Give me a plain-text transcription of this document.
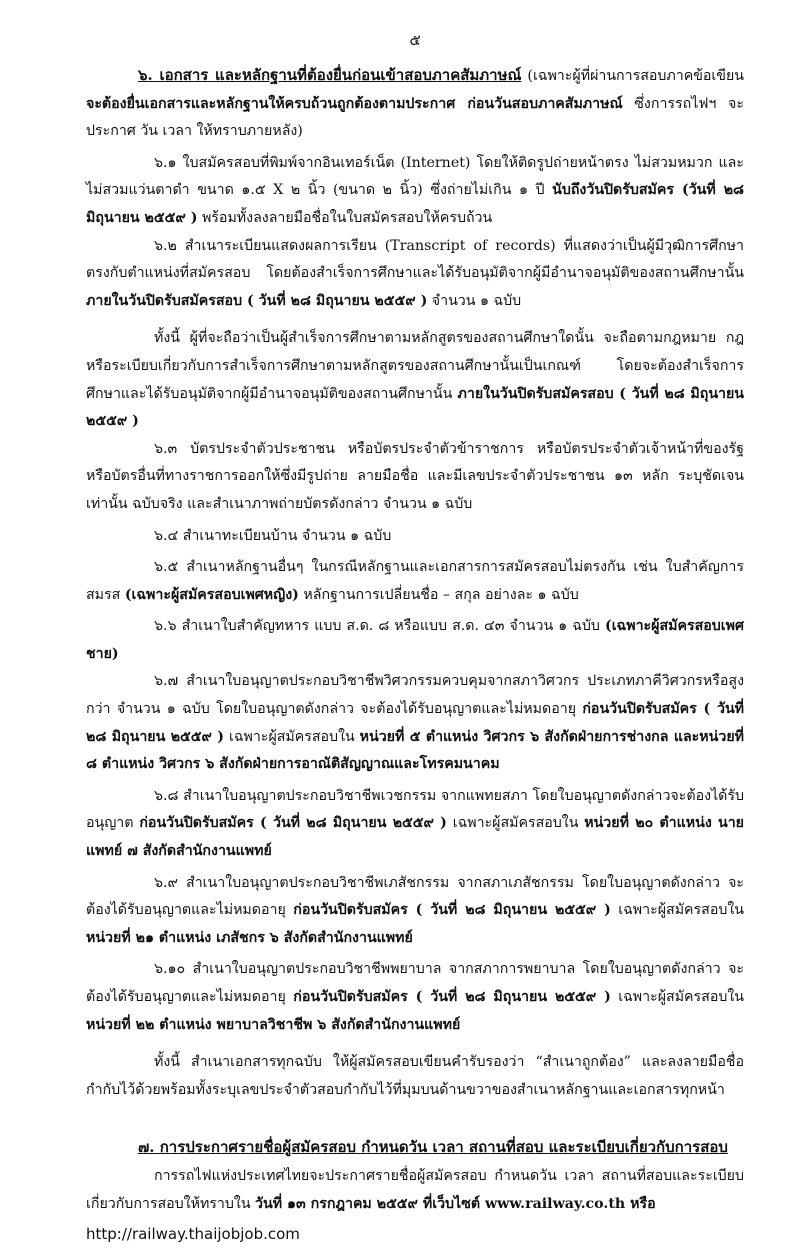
๕

๖. เอกสาร และหลักฐานที่ต้องยื่นก่อนเข้าสอบภาคสัมภาษณ์ (เฉพาะผู้ที่ผ่านการสอบภาคข้อเขียน จะต้องยื่นเอกสารและหลักฐานให้ครบถ้วนถูกต้องตามประกาศ ก่อนวันสอบภาคสัมภาษณ์ ซึ่งการรถไฟฯ จะประกาศ วัน เวลา ให้ทราบภายหลัง)

๖.๑ ใบสมัครสอบที่พิมพ์จากอินเทอร์เน็ต (Internet) โดยให้ติดรูปถ่ายหน้าตรง ไม่สวมหมวก และไม่สวมแว่นตาดำ ขนาด ๑.๕ X ๒ นิ้ว (ขนาด ๒ นิ้ว) ซึ่งถ่ายไม่เกิน ๑ ปี นับถึงวันปิดรับสมัคร (วันที่ ๒๘ มิถุนายน ๒๕๕๙ ) พร้อมทั้งลงลายมือชื่อในใบสมัครสอบให้ครบถ้วน

๖.๒ สำเนาระเบียนแสดงผลการเรียน (Transcript of records) ที่แสดงว่าเป็นผู้มีวุฒิการศึกษาตรงกับตำแหน่งที่สมัครสอบ โดยต้องสำเร็จการศึกษาและได้รับอนุมัติจากผู้มีอำนาจอนุมัติของสถานศึกษานั้น ภายในวันปิดรับสมัครสอบ ( วันที่ ๒๘ มิถุนายน ๒๕๕๙ ) จำนวน ๑ ฉบับ

ทั้งนี้ ผู้ที่จะถือว่าเป็นผู้สำเร็จการศึกษาตามหลักสูตรของสถานศึกษาใดนั้น จะถือตามกฎหมาย กฎ หรือระเบียบเกี่ยวกับการสำเร็จการศึกษาตามหลักสูตรของสถานศึกษานั้นเป็นเกณฑ์ โดยจะต้องสำเร็จการศึกษาและได้รับอนุมัติจากผู้มีอำนาจอนุมัติของสถานศึกษานั้น ภายในวันปิดรับสมัครสอบ ( วันที่ ๒๘ มิถุนายน ๒๕๕๙ )

๖.๓ บัตรประจำตัวประชาชน หรือบัตรประจำตัวข้าราชการ หรือบัตรประจำตัวเจ้าหน้าที่ของรัฐ หรือบัตรอื่นที่ทางราชการออกให้ซึ่งมีรูปถ่าย ลายมือชื่อ และมีเลขประจำตัวประชาชน ๑๓ หลัก ระบุชัดเจนเท่านั้น ฉบับจริง และสำเนาภาพถ่ายบัตรดังกล่าว จำนวน ๑ ฉบับ

๖.๔ สำเนาทะเบียนบ้าน จำนวน ๑ ฉบับ

๖.๕ สำเนาหลักฐานอื่นๆ ในกรณีหลักฐานและเอกสารการสมัครสอบไม่ตรงกัน เช่น ใบสำคัญการสมรส (เฉพาะผู้สมัครสอบเพศหญิง) หลักฐานการเปลี่ยนชื่อ – สกุล อย่างละ ๑ ฉบับ

๖.๖ สำเนาใบสำคัญทหาร แบบ ส.ด. ๘ หรือแบบ ส.ด. ๔๓ จำนวน ๑ ฉบับ (เฉพาะผู้สมัครสอบเพศชาย)

๖.๗ สำเนาใบอนุญาตประกอบวิชาชีพวิศวกรรมควบคุมจากสภาวิศวกร ประเภทภาคีวิศวกรหรือสูงกว่า จำนวน ๑ ฉบับ โดยใบอนุญาตดังกล่าว จะต้องได้รับอนุญาตและไม่หมดอายุ ก่อนวันปิดรับสมัคร ( วันที่ ๒๘ มิถุนายน ๒๕๕๙ ) เฉพาะผู้สมัครสอบใน หน่วยที่ ๕ ตำแหน่ง วิศวกร ๖ สังกัดฝ่ายการช่างกล และหน่วยที่ ๘ ตำแหน่ง วิศวกร ๖ สังกัดฝ่ายการอาณัติสัญญาณและโทรคมนาคม

๖.๘ สำเนาใบอนุญาตประกอบวิชาชีพเวชกรรม จากแพทยสภา โดยใบอนุญาตดังกล่าวจะต้องได้รับอนุญาต ก่อนวันปิดรับสมัคร ( วันที่ ๒๘ มิถุนายน ๒๕๕๙ ) เฉพาะผู้สมัครสอบใน หน่วยที่ ๒๐ ตำแหน่ง นายแพทย์ ๗ สังกัดสำนักงานแพทย์

๖.๙ สำเนาใบอนุญาตประกอบวิชาชีพเภสัชกรรม จากสภาเภสัชกรรม โดยใบอนุญาตดังกล่าว จะต้องได้รับอนุญาตและไม่หมดอายุ ก่อนวันปิดรับสมัคร ( วันที่ ๒๘ มิถุนายน ๒๕๕๙ ) เฉพาะผู้สมัครสอบใน หน่วยที่ ๒๑ ตำแหน่ง เภสัชกร ๖ สังกัดสำนักงานแพทย์

๖.๑๐ สำเนาใบอนุญาตประกอบวิชาชีพพยาบาล จากสภาการพยาบาล โดยใบอนุญาตดังกล่าว จะต้องได้รับอนุญาตและไม่หมดอายุ ก่อนวันปิดรับสมัคร ( วันที่ ๒๘ มิถุนายน ๒๕๕๙ ) เฉพาะผู้สมัครสอบใน หน่วยที่ ๒๒ ตำแหน่ง พยาบาลวิชาชีพ ๖ สังกัดสำนักงานแพทย์

ทั้งนี้ สำเนาเอกสารทุกฉบับ ให้ผู้สมัครสอบเขียนคำรับรองว่า “สำเนาถูกต้อง” และลงลายมือชื่อกำกับไว้ด้วยพร้อมทั้งระบุเลขประจำตัวสอบกำกับไว้ที่มุมบนด้านขวาของสำเนาหลักฐานและเอกสารทุกหน้า

๗. การประกาศรายชื่อผู้สมัครสอบ กำหนดวัน เวลา สถานที่สอบ และระเบียบเกี่ยวกับการสอบ

การรถไฟแห่งประเทศไทยจะประกาศรายชื่อผู้สมัครสอบ กำหนดวัน เวลา สถานที่สอบและระเบียบเกี่ยวกับการสอบให้ทราบใน วันที่ ๑๓ กรกฎาคม ๒๕๕๙ ที่เว็บไซต์ www.railway.co.th หรือ

http://railway.thaijobjob.com
